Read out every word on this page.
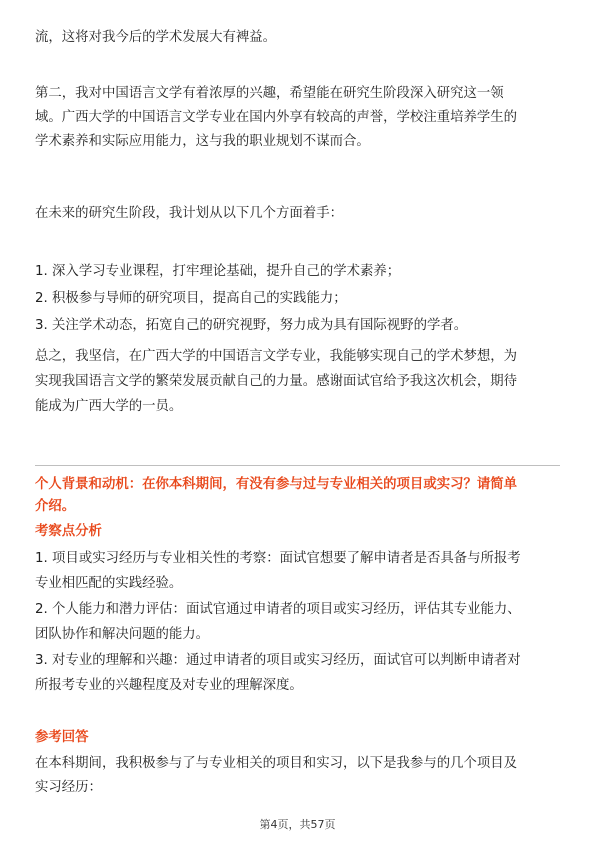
流，这将对我今后的学术发展大有裨益。
第二，我对中国语言文学有着浓厚的兴趣，希望能在研究生阶段深入研究这一领
域。广西大学的中国语言文学专业在国内外享有较高的声誉，学校注重培养学生的
学术素养和实际应用能力，这与我的职业规划不谋而合。
在未来的研究生阶段，我计划从以下几个方面着手：
1. 深入学习专业课程，打牢理论基础，提升自己的学术素养；
2. 积极参与导师的研究项目，提高自己的实践能力；
3. 关注学术动态，拓宽自己的研究视野，努力成为具有国际视野的学者。
总之，我坚信，在广西大学的中国语言文学专业，我能够实现自己的学术梦想，为
实现我国语言文学的繁荣发展贡献自己的力量。感谢面试官给予我这次机会，期待
能成为广西大学的一员。
个人背景和动机：在你本科期间，有没有参与过与专业相关的项目或实习？请简单
介绍。
考察点分析
1. 项目或实习经历与专业相关性的考察：面试官想要了解申请者是否具备与所报考
专业相匹配的实践经验。
2. 个人能力和潜力评估：面试官通过申请者的项目或实习经历，评估其专业能力、
团队协作和解决问题的能力。
3. 对专业的理解和兴趣：通过申请者的项目或实习经历，面试官可以判断申请者对
所报考专业的兴趣程度及对专业的理解深度。
参考回答
在本科期间，我积极参与了与专业相关的项目和实习，以下是我参与的几个项目及
实习经历：
第4页，共57页
